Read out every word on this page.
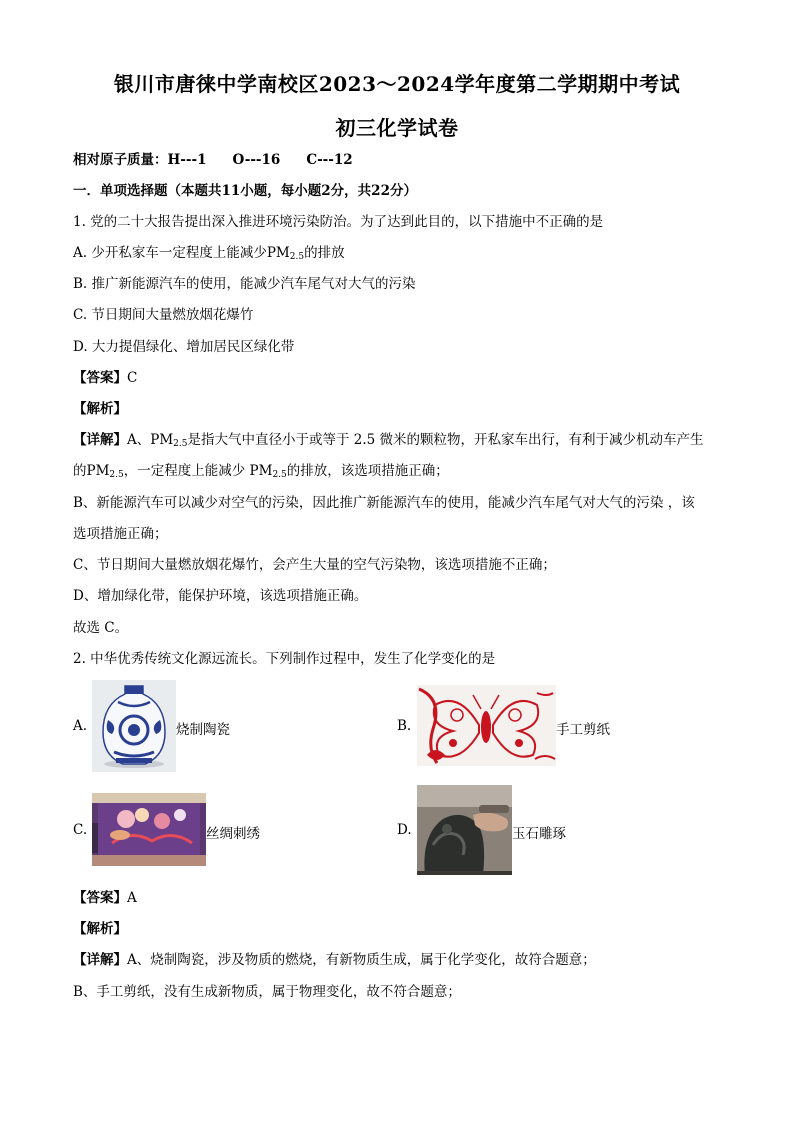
银川市唐徕中学南校区2023～2024学年度第二学期期中考试
初三化学试卷
相对原子质量：H---1 O---16 C---12
一．单项选择题（本题共11小题，每小题2分，共22分）
1. 党的二十大报告提出深入推进环境污染防治。为了达到此目的，以下措施中不正确的是
A. 少开私家车一定程度上能减少$PM_{2.5}$的排放
B. 推广新能源汽车的使用，能减少汽车尾气对大气的污染
C. 节日期间大量燃放烟花爆竹
D. 大力提倡绿化、增加居民区绿化带
【答案】C
【解析】
【详解】A、$PM_{2.5}$是指大气中直径小于或等于 2.5 微米的颗粒物，开私家车出行，有利于减少机动车产生
的$PM_{2.5}$，一定程度上能减少 $PM_{2.5}$的排放，该选项措施正确；
B、新能源汽车可以减少对空气的污染，因此推广新能源汽车的使用，能减少汽车尾气对大气的污染 ，该
选项措施正确；
C、节日期间大量燃放烟花爆竹，会产生大量的空气污染物，该选项措施不正确；
D、增加绿化带，能保护环境，该选项措施正确。
故选 C。
2. 中华优秀传统文化源远流长。下列制作过程中，发生了化学变化的是
A.	烧制陶瓷	B.	手工剪纸
C.	丝绸刺绣	D.	玉石雕琢
【答案】A
【解析】
【详解】A、烧制陶瓷，涉及物质的燃烧，有新物质生成，属于化学变化，故符合题意；
B、手工剪纸，没有生成新物质，属于物理变化，故不符合题意；
